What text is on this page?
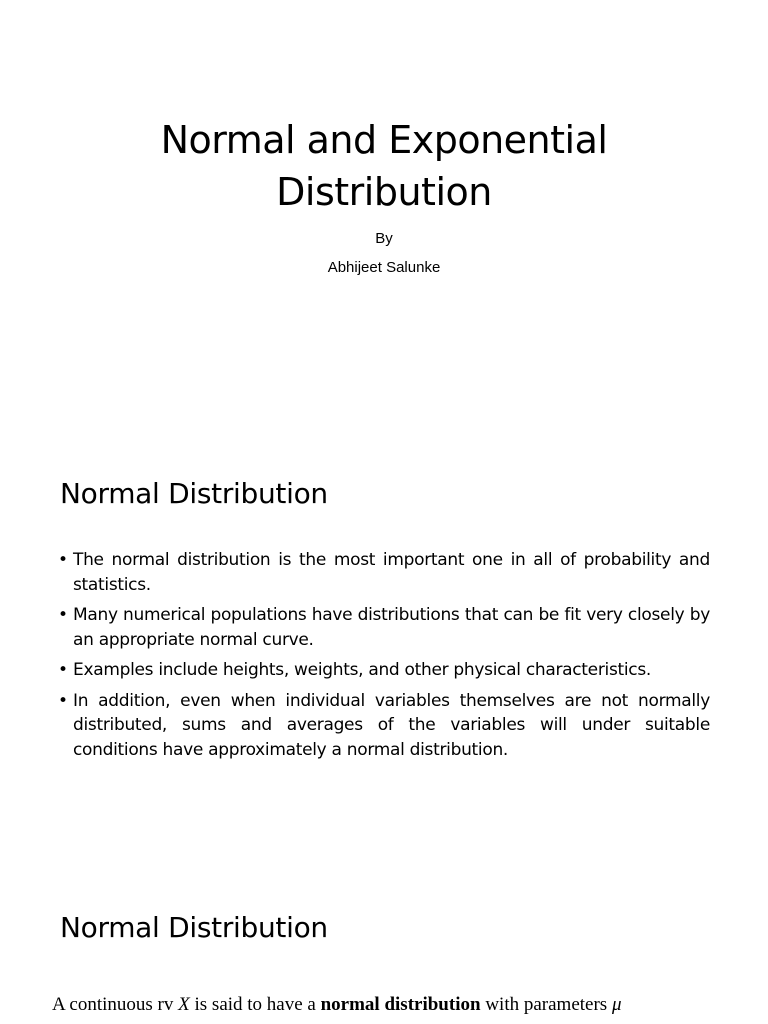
Normal and Exponential
Distribution
By
Abhijeet Salunke
Normal Distribution
• The normal distribution is the most important one in all of probability and statistics.
• Many numerical populations have distributions that can be fit very closely by an appropriate normal curve.
• Examples include heights, weights, and other physical characteristics.
• In addition, even when individual variables themselves are not normally distributed, sums and averages of the variables will under suitable conditions have approximately a normal distribution.
Normal Distribution

A continuous rv X is said to have a normal distribution with parameters μ
